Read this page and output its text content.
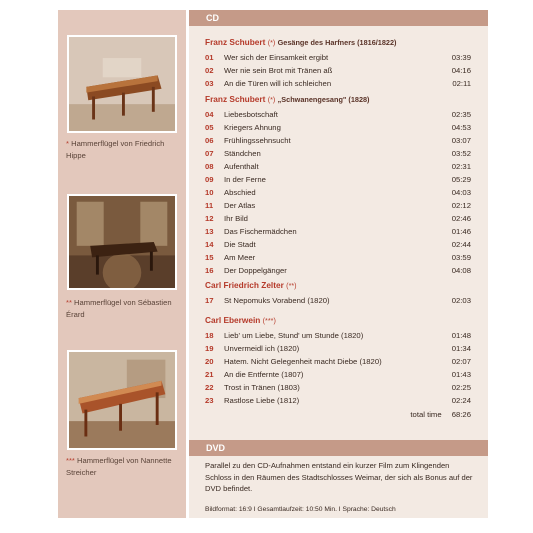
* Hammerflügel von Friedrich Hippe
** Hammerflügel von Sébastien Érard
*** Hammerflügel von Nannette Streicher
CD
Franz Schubert (*) Gesänge des Harfners (1816/1822)
01	Wer sich der Einsamkeit ergibt	03:39
02	Wer nie sein Brot mit Tränen aß	04:16
03	An die Türen will ich schleichen	02:11
Franz Schubert (*) „Schwanengesang" (1828)
04	Liebesbotschaft	02:35
05	Kriegers Ahnung	04:53
06	Frühlingssehnsucht	03:07
07	Ständchen	03:52
08	Aufenthalt	02:31
09	In der Ferne	05:29
10	Abschied	04:03
11	Der Atlas	02:12
12	Ihr Bild	02:46
13	Das Fischermädchen	01:46
14	Die Stadt	02:44
15	Am Meer	03:59
16	Der Doppelgänger	04:08
Carl Friedrich Zelter (**)
17	St Nepomuks Vorabend (1820)	02:03
Carl Eberwein (***)
18	Lieb' um Liebe, Stund' um Stunde (1820)	01:48
19	Unvermeidl ich (1820)	01:34
20	Hatem. Nicht Gelegenheit macht Diebe (1820)	02:07
21	An die Entfernte (1807)	01:43
22	Trost in Tränen (1803)	02:25
23	Rastlose Liebe (1812)	02:24
total time 68:26
DVD
Parallel zu den CD-Aufnahmen entstand ein kurzer Film zum Klingenden Schloss in den Räumen des Stadtschlosses Weimar, der sich als Bonus auf der DVD befindet.
Bildformat: 16:9 I Gesamtlaufzeit: 10:50 Min. I Sprache: Deutsch
